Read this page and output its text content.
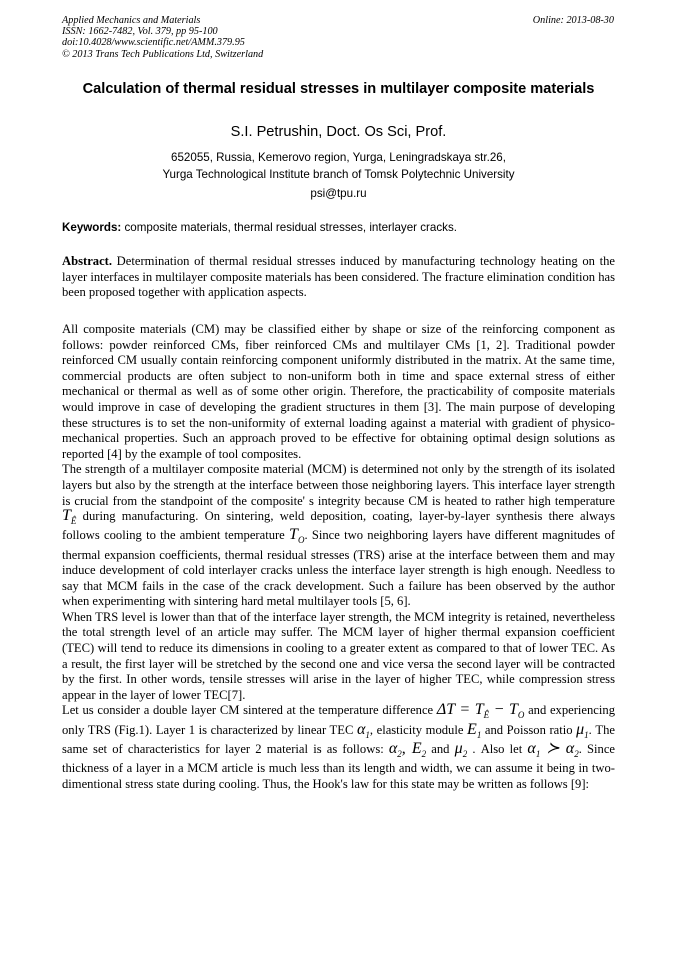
Applied Mechanics and Materials
ISSN: 1662-7482, Vol. 379, pp 95-100
doi:10.4028/www.scientific.net/AMM.379.95
© 2013 Trans Tech Publications Ltd, Switzerland
Online: 2013-08-30
Calculation of thermal residual stresses in multilayer composite materials
S.I. Petrushin, Doct. Os Sci, Prof.
652055, Russia, Kemerovo region, Yurga, Leningradskaya str.26,
Yurga Technological Institute branch of Tomsk Polytechnic University
psi@tpu.ru
Keywords: composite materials, thermal residual stresses, interlayer cracks.

Abstract. Determination of thermal residual stresses induced by manufacturing technology heating on the layer interfaces in multilayer composite materials has been considered. The fracture elimination condition has been proposed together with application aspects.

All composite materials (CM) may be classified either by shape or size of the reinforcing component as follows: powder reinforced CMs, fiber reinforced CMs and multilayer CMs [1, 2]. Traditional powder reinforced CM usually contain reinforcing component uniformly distributed in the matrix. At the same time, commercial products are often subject to non-uniform both in time and space external stress of either mechanical or thermal as well as of some other origin. Therefore, the practicability of composite materials would improve in case of developing the gradient structures in them [3]. The main purpose of developing these structures is to set the non-uniformity of external loading against a material with gradient of physico-mechanical properties. Such an approach proved to be effective for obtaining optimal design solutions as reported [4] by the example of tool composites.

The strength of a multilayer composite material (MCM) is determined not only by the strength of its isolated layers but also by the strength at the interface between those neighboring layers. This interface layer strength is crucial from the standpoint of the composite' s integrity because CM is heated to rather high temperature $T_Ê$ during manufacturing. On sintering, weld deposition, coating, layer-by-layer synthesis there always follows cooling to the ambient temperature $T_O$. Since two neighboring layers have different magnitudes of thermal expansion coefficients, thermal residual stresses (TRS) arise at the interface between them and may induce development of cold interlayer cracks unless the interface layer strength is high enough. Needless to say that MCM fails in the case of the crack development. Such a failure has been observed by the author when experimenting with sintering hard metal multilayer tools [5, 6].

When TRS level is lower than that of the interface layer strength, the MCM integrity is retained, nevertheless the total strength level of an article may suffer. The MCM layer of higher thermal expansion coefficient (TEC) will tend to reduce its dimensions in cooling to a greater extent as compared to that of lower TEC. As a result, the first layer will be stretched by the second one and vice versa the second layer will be contracted by the first. In other words, tensile stresses will arise in the layer of higher TEC, while compression stress appear in the layer of lower TEC[7].

Let us consider a double layer CM sintered at the temperature difference $\Delta T = T_Ê - T_O$ and experiencing only TRS (Fig.1). Layer 1 is characterized by linear TEC $\alpha_1$, elasticity module $E_1$ and Poisson ratio $\mu_1$. The same set of characteristics for layer 2 material is as follows: $\alpha_2$, $E_2$ and $\mu_2$ . Also let $\alpha_1$ ≻ $\alpha_2$. Since thickness of a layer in a MCM article is much less than its length and width, we can assume it being in two-dimentional stress state during cooling. Thus, the Hook's law for this state may be written as follows [9]:
